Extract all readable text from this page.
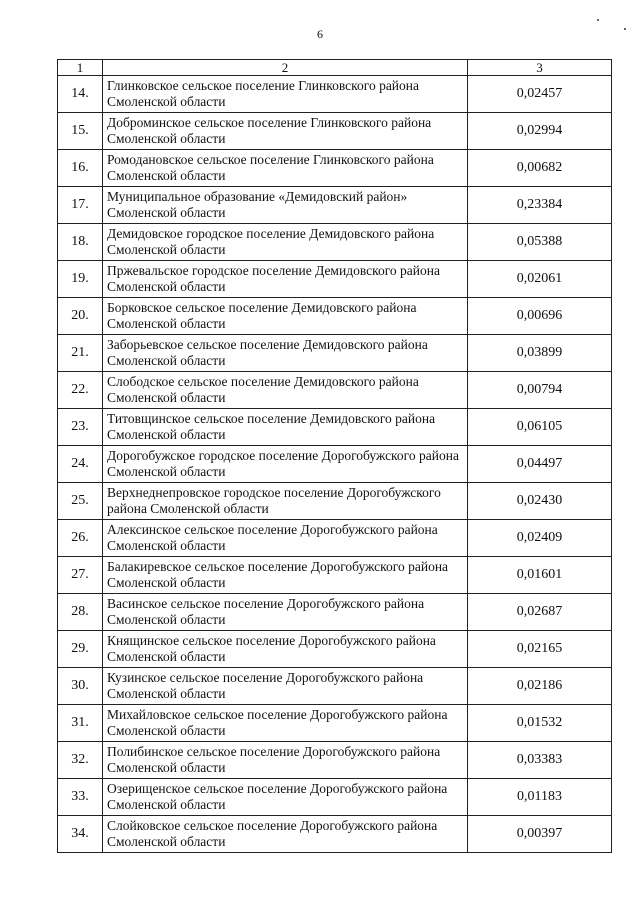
6
1	2	3
14.	Глинковское сельское поселение Глинковского района Смоленской области	0,02457
15.	Доброминское сельское поселение Глинковского района Смоленской области	0,02994
16.	Ромодановское сельское поселение Глинковского района Смоленской области	0,00682
17.	Муниципальное образование «Демидовский район» Смоленской области	0,23384
18.	Демидовское городское поселение Демидовского района Смоленской области	0,05388
19.	Пржевальское городское поселение Демидовского района Смоленской области	0,02061
20.	Борковское сельское поселение Демидовского района Смоленской области	0,00696
21.	Заборьевское сельское поселение Демидовского района Смоленской области	0,03899
22.	Слободское сельское поселение Демидовского района Смоленской области	0,00794
23.	Титовщинское сельское поселение Демидовского района Смоленской области	0,06105
24.	Дорогобужское городское поселение Дорогобужского района Смоленской области	0,04497
25.	Верхнеднепровское городское поселение Дорогобужского района Смоленской области	0,02430
26.	Алексинское сельское поселение Дорогобужского района Смоленской области	0,02409
27.	Балакиревское сельское поселение Дорогобужского района Смоленской области	0,01601
28.	Васинское сельское поселение Дорогобужского района Смоленской области	0,02687
29.	Княщинское сельское поселение Дорогобужского района Смоленской области	0,02165
30.	Кузинское сельское поселение Дорогобужского района Смоленской области	0,02186
31.	Михайловское сельское поселение Дорогобужского района Смоленской области	0,01532
32.	Полибинское сельское поселение Дорогобужского района Смоленской области	0,03383
33.	Озерищенское сельское поселение Дорогобужского района Смоленской области	0,01183
34.	Слойковское сельское поселение Дорогобужского района Смоленской области	0,00397
